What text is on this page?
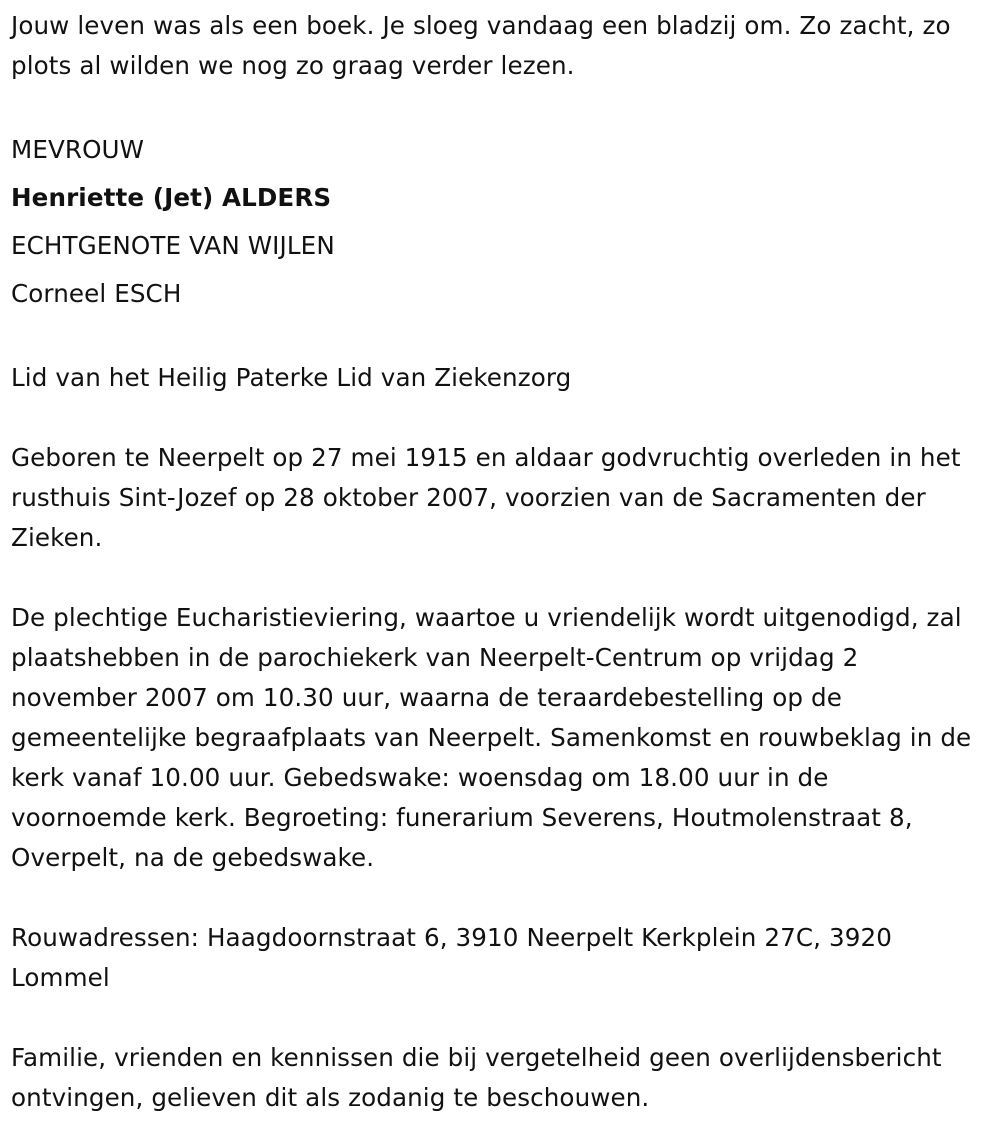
Jouw leven was als een boek. Je sloeg vandaag een bladzij om. Zo zacht, zo plots al wilden we nog zo graag verder lezen.

MEVROUW

Henriette (Jet) ALDERS

ECHTGENOTE VAN WIJLEN

Corneel ESCH

Lid van het Heilig Paterke Lid van Ziekenzorg

Geboren te Neerpelt op 27 mei 1915 en aldaar godvruchtig overleden in het rusthuis Sint-Jozef op 28 oktober 2007, voorzien van de Sacramenten der Zieken.

De plechtige Eucharistieviering, waartoe u vriendelijk wordt uitgenodigd, zal plaatshebben in de parochiekerk van Neerpelt-Centrum op vrijdag 2 november 2007 om 10.30 uur, waarna de teraardebestelling op de gemeentelijke begraafplaats van Neerpelt. Samenkomst en rouwbeklag in de kerk vanaf 10.00 uur. Gebedswake: woensdag om 18.00 uur in de voornoemde kerk. Begroeting: funerarium Severens, Houtmolenstraat 8, Overpelt, na de gebedswake.

Rouwadressen: Haagdoornstraat 6, 3910 Neerpelt Kerkplein 27C, 3920 Lommel

Familie, vrienden en kennissen die bij vergetelheid geen overlijdensbericht ontvingen, gelieven dit als zodanig te beschouwen.
